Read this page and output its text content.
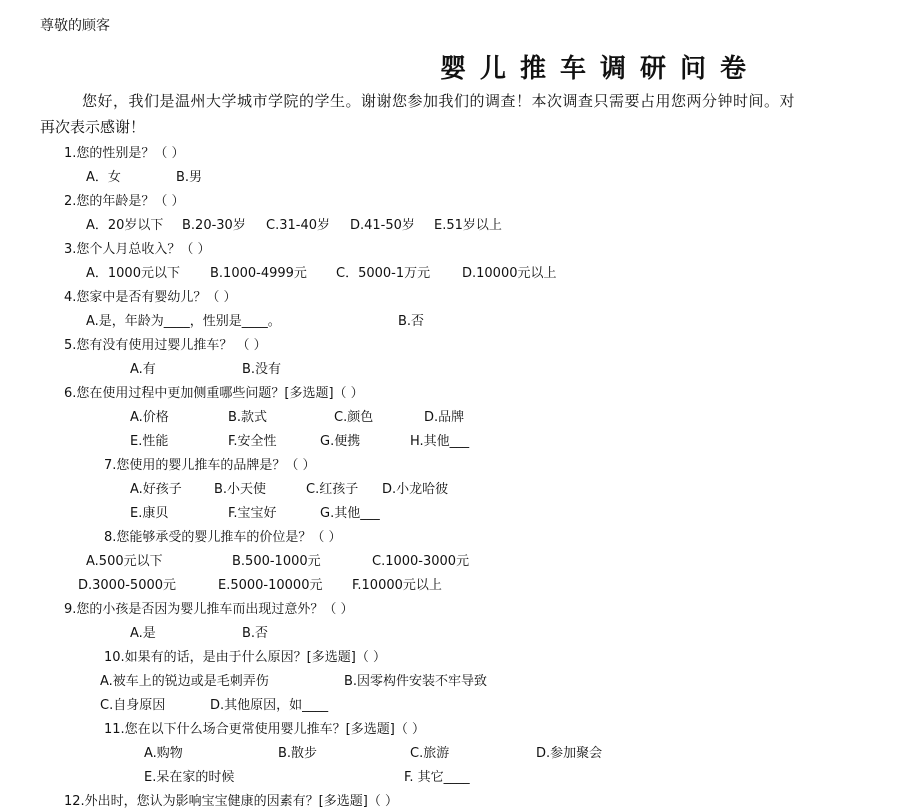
尊敬的顾客
婴儿推车调研问卷
您好，我们是温州大学城市学院的学生。谢谢您参加我们的调查！本次调查只需要占用您两分钟时间。对
再次表示感谢！
1.您的性别是？（ ）
A．女	B.男
2.您的年龄是？（ ）
A．20岁以下 B.20-30岁 C.31-40岁 D.41-50岁 E.51岁以上
3.您个人月总收入？（ ）
A．1000元以下 B.1000-4999元 C．5000-1万元 D.10000元以上
4.您家中是否有婴幼儿？（ ）
A.是，年龄为____，性别是____。	B.否
5.您有没有使用过婴儿推车？ （ ）
A.有	B.没有
6.您在使用过程中更加侧重哪些问题？[多选题]（ ）
A.价格	B.款式	C.颜色	D.品牌
E.性能	F.安全性	G.便携	H.其他___
7.您使用的婴儿推车的品牌是？（ ）
A.好孩子 B.小天使	C.红孩子 D.小龙哈彼
E.康贝	F.宝宝好	G.其他___
8.您能够承受的婴儿推车的价位是？（ ）
A.500元以下	B.500-1000元	C.1000-3000元
D.3000-5000元	E.5000-10000元 F.10000元以上
9.您的小孩是否因为婴儿推车而出现过意外？（ ）
A.是	B.否
10.如果有的话，是由于什么原因？[多选题]（ ）
A.被车上的锐边或是毛刺弄伤	B.因零构件安装不牢导致
C.自身原因	D.其他原因，如____
11.您在以下什么场合更常使用婴儿推车？[多选题]（ ）
A.购物	B.散步	C.旅游	D.参加聚会
E.呆在家的时候	F. 其它____
12.外出时，您认为影响宝宝健康的因素有？[多选题]（ ）
